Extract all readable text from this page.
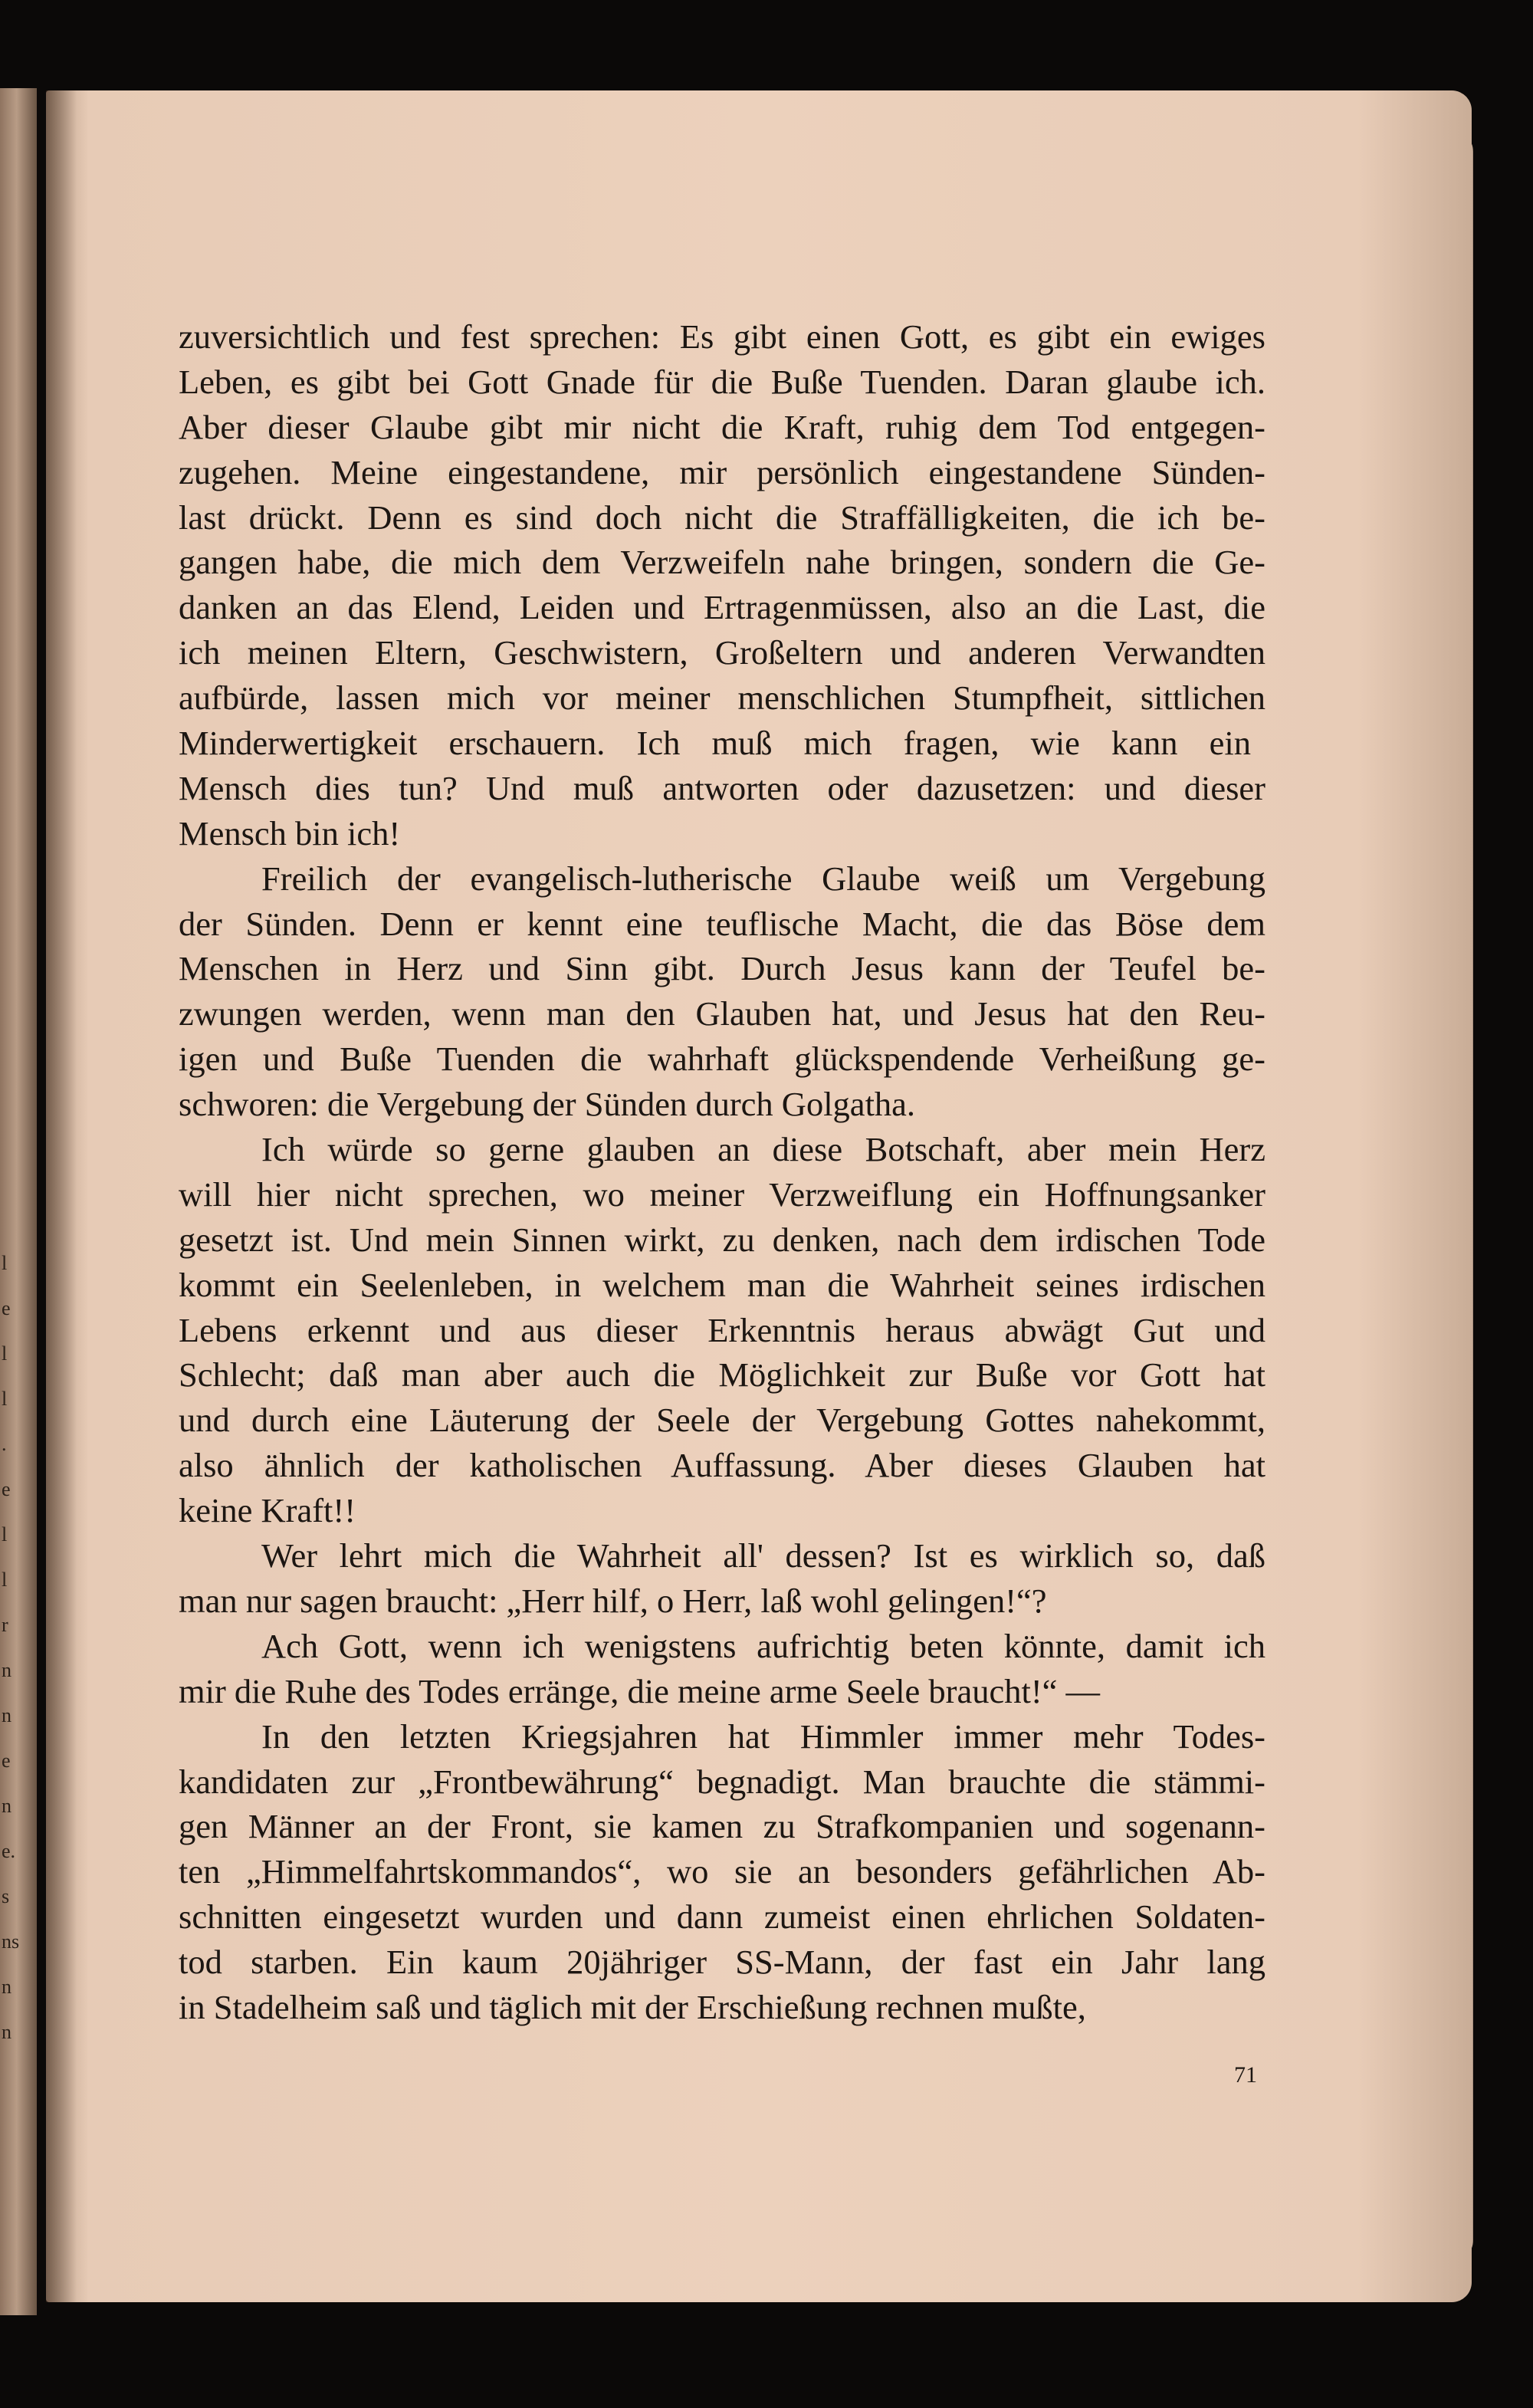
l
e
l
l
.
e
l
l
r
n
n
e
n
e.
s
ns
n
n
zuversichtlich und fest sprechen: Es gibt einen Gott, es gibt ein ewiges
Leben, es gibt bei Gott Gnade für die Buße Tuenden. Daran glaube ich.
Aber dieser Glaube gibt mir nicht die Kraft, ruhig dem Tod entgegen-
zugehen. Meine eingestandene, mir persönlich eingestandene Sünden-
last drückt. Denn es sind doch nicht die Straffälligkeiten, die ich be-
gangen habe, die mich dem Verzweifeln nahe bringen, sondern die Ge-
danken an das Elend, Leiden und Ertragenmüssen, also an die Last, die
ich meinen Eltern, Geschwistern, Großeltern und anderen Verwandten
aufbürde, lassen mich vor meiner menschlichen Stumpfheit, sittlichen
Minderwertigkeit erschauern. Ich muß mich fragen, wie kann ein
Mensch dies tun? Und muß antworten oder dazusetzen: und dieser
Mensch bin ich!
Freilich der evangelisch-lutherische Glaube weiß um Vergebung
der Sünden. Denn er kennt eine teuflische Macht, die das Böse dem
Menschen in Herz und Sinn gibt. Durch Jesus kann der Teufel be-
zwungen werden, wenn man den Glauben hat, und Jesus hat den Reu-
igen und Buße Tuenden die wahrhaft glückspendende Verheißung ge-
schworen: die Vergebung der Sünden durch Golgatha.
Ich würde so gerne glauben an diese Botschaft, aber mein Herz
will hier nicht sprechen, wo meiner Verzweiflung ein Hoffnungsanker
gesetzt ist. Und mein Sinnen wirkt, zu denken, nach dem irdischen Tode
kommt ein Seelenleben, in welchem man die Wahrheit seines irdischen
Lebens erkennt und aus dieser Erkenntnis heraus abwägt Gut und
Schlecht; daß man aber auch die Möglichkeit zur Buße vor Gott hat
und durch eine Läuterung der Seele der Vergebung Gottes nahekommt,
also ähnlich der katholischen Auffassung. Aber dieses Glauben hat
keine Kraft!!
Wer lehrt mich die Wahrheit all' dessen? Ist es wirklich so, daß
man nur sagen braucht: „Herr hilf, o Herr, laß wohl gelingen!“?
Ach Gott, wenn ich wenigstens aufrichtig beten könnte, damit ich
mir die Ruhe des Todes erränge, die meine arme Seele braucht!“ —
In den letzten Kriegsjahren hat Himmler immer mehr Todes-
kandidaten zur „Frontbewährung“ begnadigt. Man brauchte die stämmi-
gen Männer an der Front, sie kamen zu Strafkompanien und sogenann-
ten „Himmelfahrtskommandos“, wo sie an besonders gefährlichen Ab-
schnitten eingesetzt wurden und dann zumeist einen ehrlichen Soldaten-
tod starben. Ein kaum 20jähriger SS-Mann, der fast ein Jahr lang
in Stadelheim saß und täglich mit der Erschießung rechnen mußte,
71
